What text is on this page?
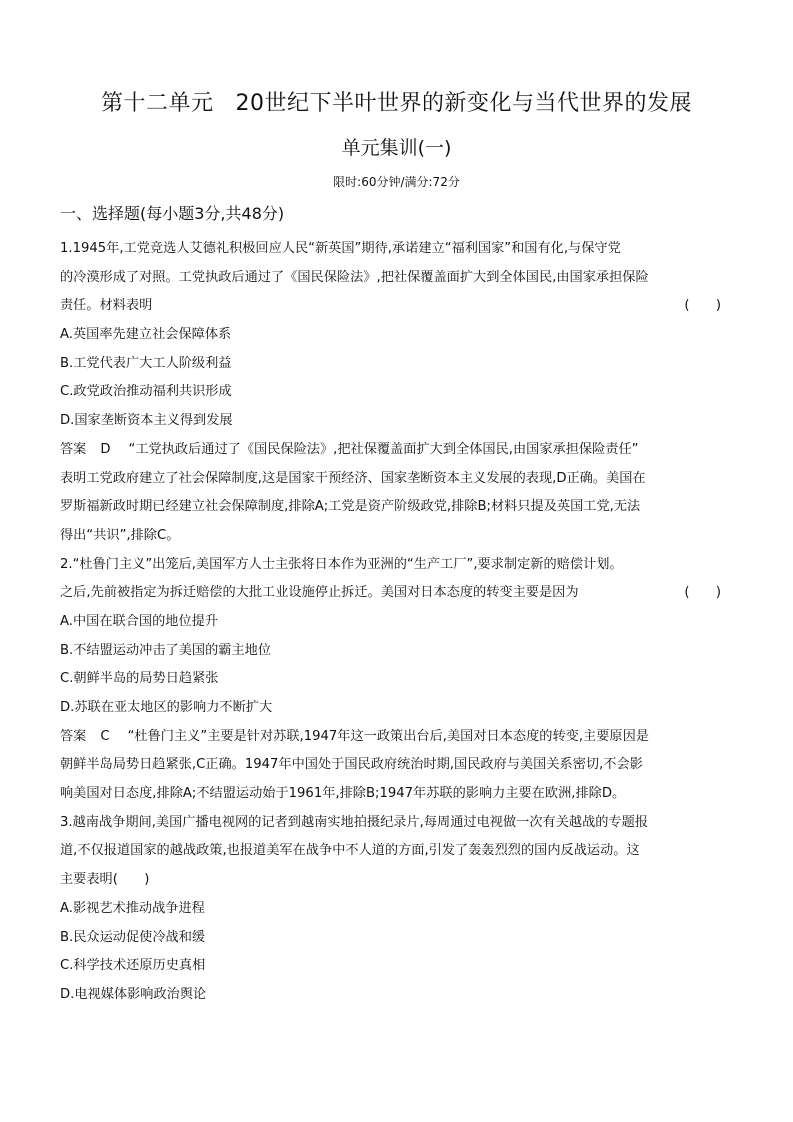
第十二单元 20世纪下半叶世界的新变化与当代世界的发展
单元集训(一)
限时:60分钟/满分:72分
一、选择题(每小题3分,共48分)
1.1945年,工党竞选人艾德礼积极回应人民“新英国”期待,承诺建立“福利国家”和国有化,与保守党
的冷漠形成了对照。工党执政后通过了《国民保险法》,把社保覆盖面扩大到全体国民,由国家承担保险
责任。材料表明	(　　)
A.英国率先建立社会保障体系
B.工党代表广大工人阶级利益
C.政党政治推动福利共识形成
D.国家垄断资本主义得到发展
答案 D “工党执政后通过了《国民保险法》,把社保覆盖面扩大到全体国民,由国家承担保险责任”
表明工党政府建立了社会保障制度,这是国家干预经济、国家垄断资本主义发展的表现,D正确。美国在
罗斯福新政时期已经建立社会保障制度,排除A;工党是资产阶级政党,排除B;材料只提及英国工党,无法
得出“共识”,排除C。
2.“杜鲁门主义”出笼后,美国军方人士主张将日本作为亚洲的“生产工厂”,要求制定新的赔偿计划。
之后,先前被指定为拆迁赔偿的大批工业设施停止拆迁。美国对日本态度的转变主要是因为	(　　)
A.中国在联合国的地位提升
B.不结盟运动冲击了美国的霸主地位
C.朝鲜半岛的局势日趋紧张
D.苏联在亚太地区的影响力不断扩大
答案 C “杜鲁门主义”主要是针对苏联,1947年这一政策出台后,美国对日本态度的转变,主要原因是
朝鲜半岛局势日趋紧张,C正确。1947年中国处于国民政府统治时期,国民政府与美国关系密切,不会影
响美国对日态度,排除A;不结盟运动始于1961年,排除B;1947年苏联的影响力主要在欧洲,排除D。
3.越南战争期间,美国广播电视网的记者到越南实地拍摄纪录片,每周通过电视做一次有关越战的专题报
道,不仅报道国家的越战政策,也报道美军在战争中不人道的方面,引发了轰轰烈烈的国内反战运动。这
主要表明(　　)
A.影视艺术推动战争进程
B.民众运动促使冷战和缓
C.科学技术还原历史真相
D.电视媒体影响政治舆论
